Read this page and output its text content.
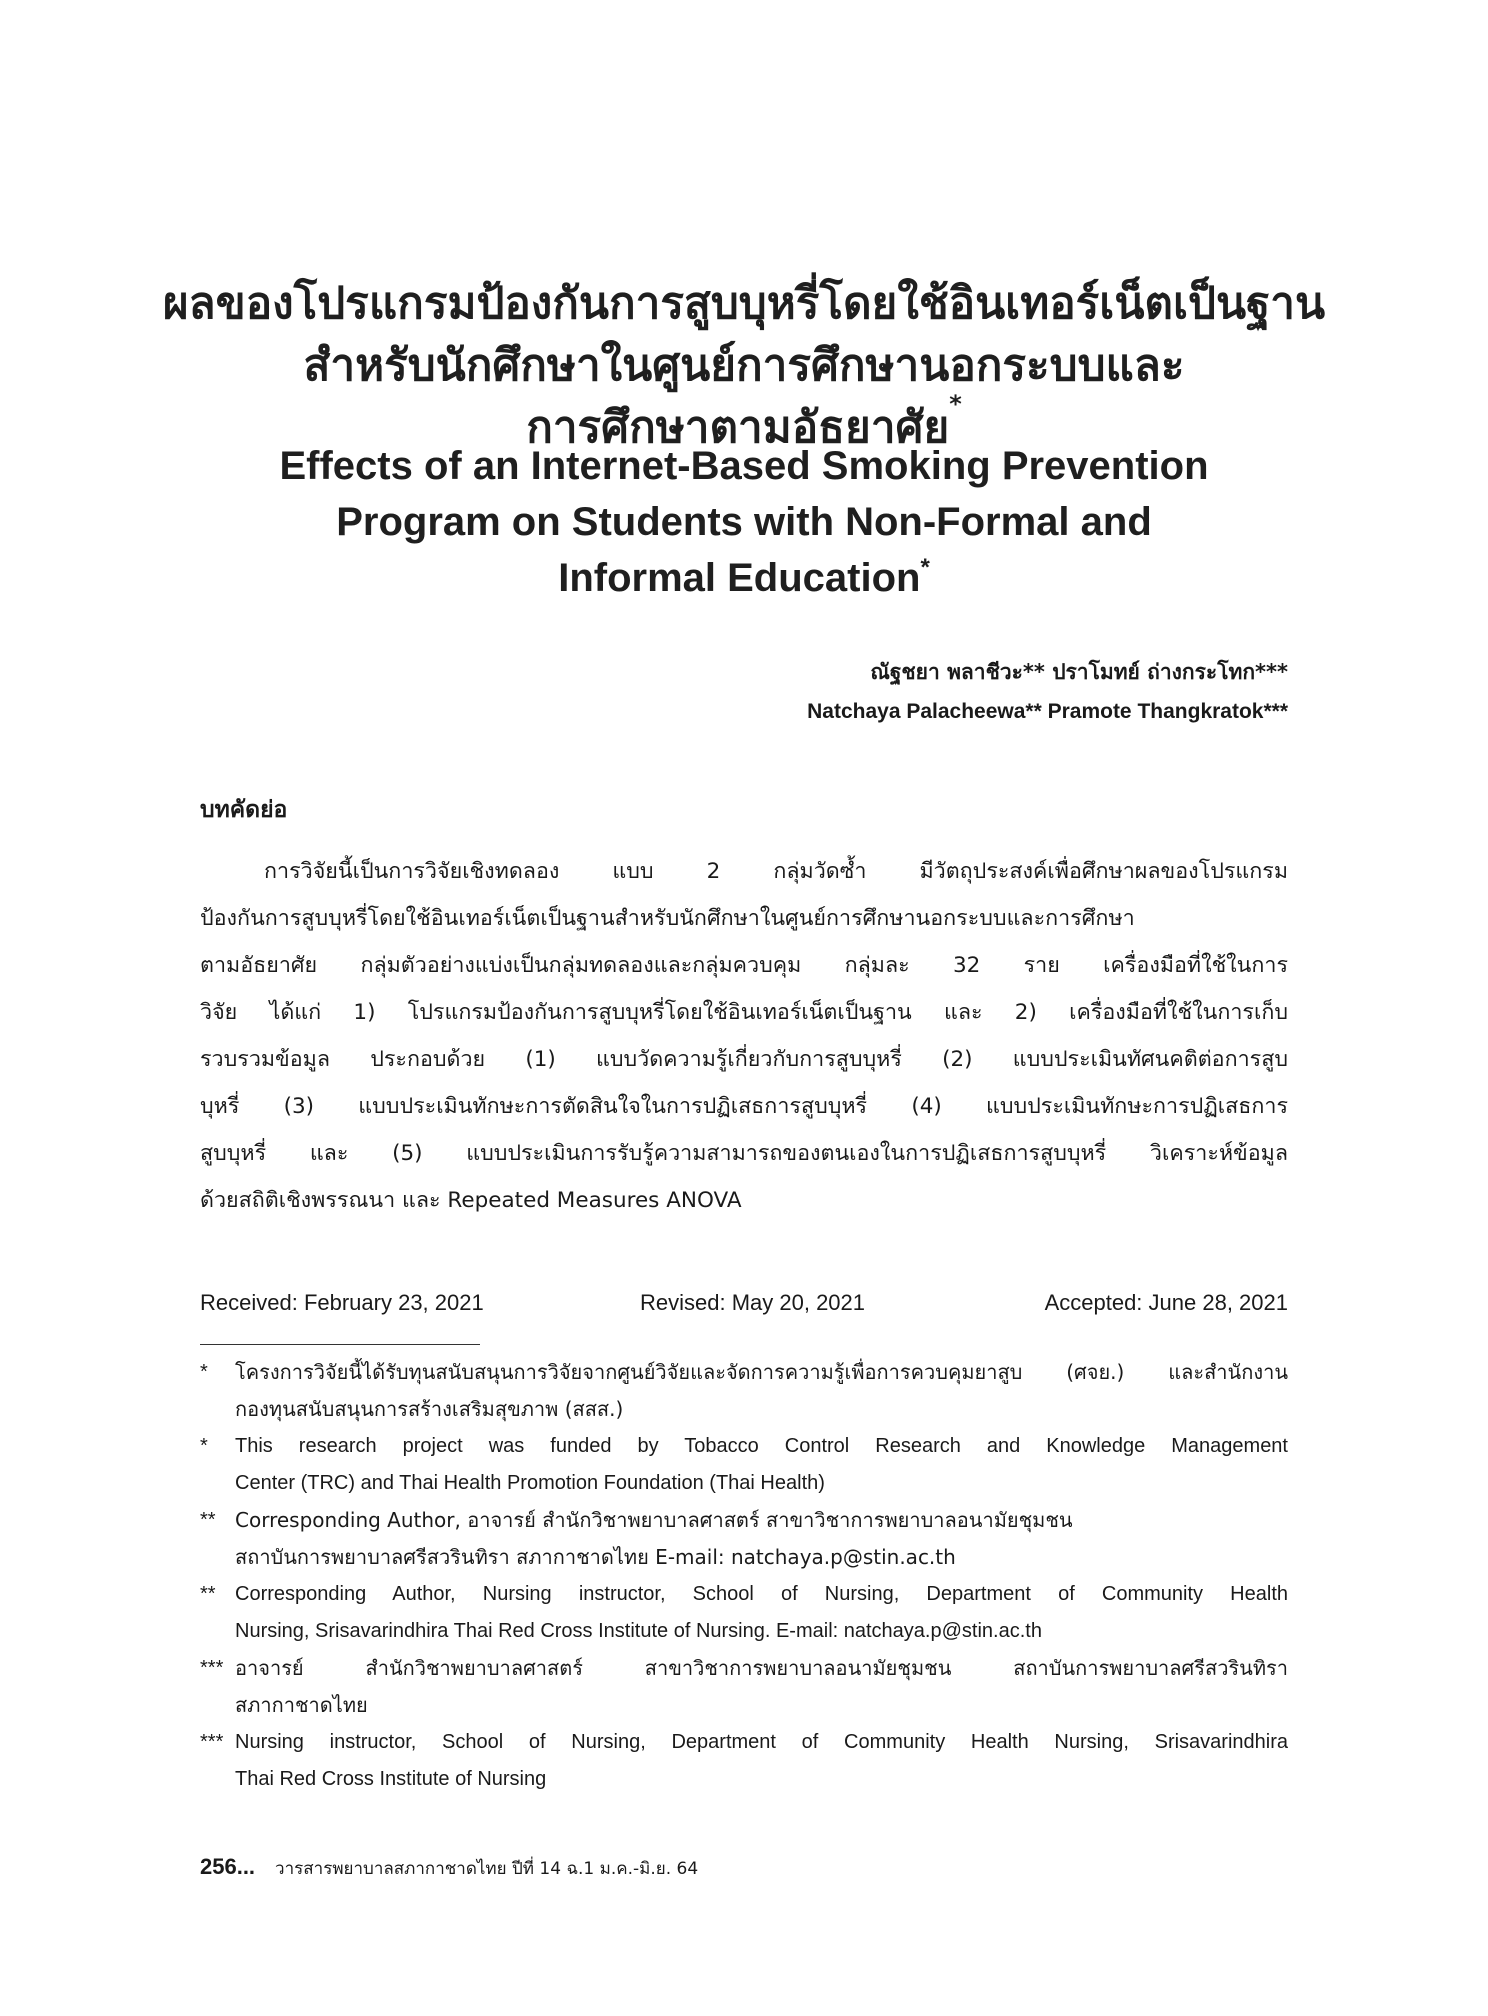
ผลของโปรแกรมป้องกันการสูบบุหรี่โดยใช้อินเทอร์เน็ตเป็นฐาน
สำหรับนักศึกษาในศูนย์การศึกษานอกระบบและ
การศึกษาตามอัธยาศัย*
Effects of an Internet-Based Smoking Prevention
Program on Students with Non-Formal and
Informal Education*
ณัฐชยา พลาชีวะ** ปราโมทย์ ถ่างกระโทก***
Natchaya Palacheewa** Pramote Thangkratok***
บทคัดย่อ
การวิจัยนี้เป็นการวิจัยเชิงทดลอง แบบ 2 กลุ่มวัดซ้ำ มีวัตถุประสงค์เพื่อศึกษาผลของโปรแกรม
ป้องกันการสูบบุหรี่โดยใช้อินเทอร์เน็ตเป็นฐานสำหรับนักศึกษาในศูนย์การศึกษานอกระบบและการศึกษา
ตามอัธยาศัย กลุ่มตัวอย่างแบ่งเป็นกลุ่มทดลองและกลุ่มควบคุม กลุ่มละ 32 ราย เครื่องมือที่ใช้ในการ
วิจัย ได้แก่ 1) โปรแกรมป้องกันการสูบบุหรี่โดยใช้อินเทอร์เน็ตเป็นฐาน และ 2) เครื่องมือที่ใช้ในการเก็บ
รวบรวมข้อมูล ประกอบด้วย (1) แบบวัดความรู้เกี่ยวกับการสูบบุหรี่ (2) แบบประเมินทัศนคติต่อการสูบ
บุหรี่ (3) แบบประเมินทักษะการตัดสินใจในการปฏิเสธการสูบบุหรี่ (4) แบบประเมินทักษะการปฏิเสธการ
สูบบุหรี่ และ (5) แบบประเมินการรับรู้ความสามารถของตนเองในการปฏิเสธการสูบบุหรี่ วิเคราะห์ข้อมูล
ด้วยสถิติเชิงพรรณนา และ Repeated Measures ANOVA
Received: February 23, 2021	Revised: May 20, 2021	Accepted: June 28, 2021
* โครงการวิจัยนี้ได้รับทุนสนับสนุนการวิจัยจากศูนย์วิจัยและจัดการความรู้เพื่อการควบคุมยาสูบ (ศจย.) และสำนักงาน
กองทุนสนับสนุนการสร้างเสริมสุขภาพ (สสส.)
* This research project was funded by Tobacco Control Research and Knowledge Management
Center (TRC) and Thai Health Promotion Foundation (Thai Health)
** Corresponding Author, อาจารย์ สำนักวิชาพยาบาลศาสตร์ สาขาวิชาการพยาบาลอนามัยชุมชน
สถาบันการพยาบาลศรีสวรินทิรา สภากาชาดไทย E-mail: natchaya.p@stin.ac.th
** Corresponding Author, Nursing instructor, School of Nursing, Department of Community Health
Nursing, Srisavarindhira Thai Red Cross Institute of Nursing. E-mail: natchaya.p@stin.ac.th
*** อาจารย์ สำนักวิชาพยาบาลศาสตร์ สาขาวิชาการพยาบาลอนามัยชุมชน สถาบันการพยาบาลศรีสวรินทิรา
สภากาชาดไทย
*** Nursing instructor, School of Nursing, Department of Community Health Nursing, Srisavarindhira
Thai Red Cross Institute of Nursing
256... วารสารพยาบาลสภากาชาดไทย ปีที่ 14 ฉ.1 ม.ค.-มิ.ย. 64
